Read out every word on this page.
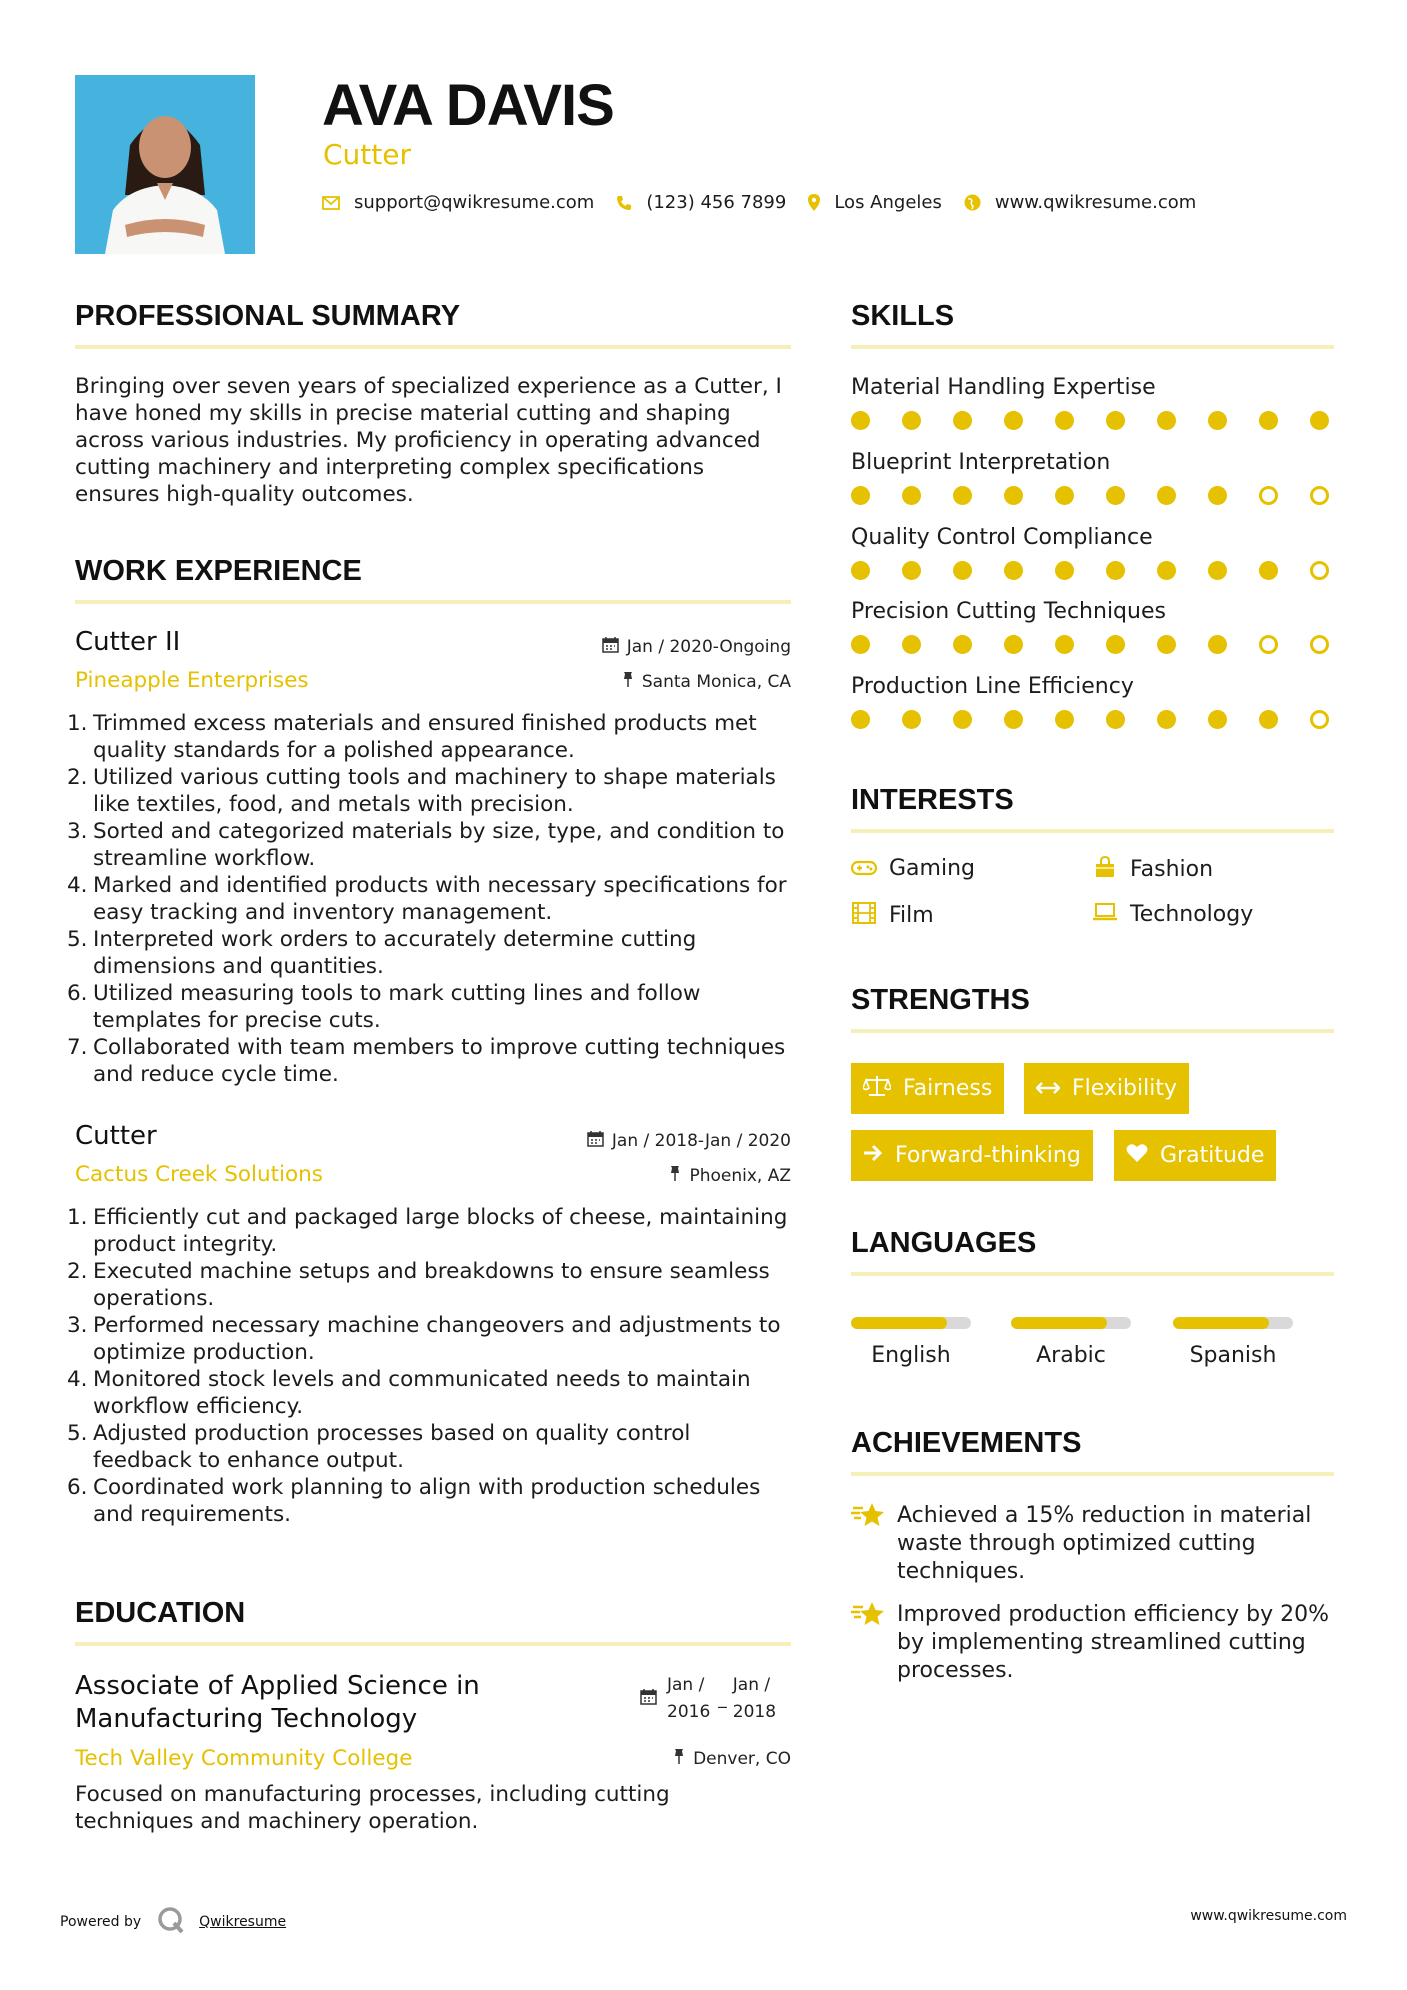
AVA DAVIS
Cutter
support@qwikresume.com	(123) 456 7899	Los Angeles	www.qwikresume.com
PROFESSIONAL SUMMARY
Bringing over seven years of specialized experience as a Cutter, I have honed my skills in precise material cutting and shaping across various industries. My proficiency in operating advanced cutting machinery and interpreting complex specifications ensures high-quality outcomes.
WORK EXPERIENCE
Cutter II
Pineapple Enterprises
Jan / 2020-Ongoing
Santa Monica, CA
1. Trimmed excess materials and ensured finished products met quality standards for a polished appearance.
2. Utilized various cutting tools and machinery to shape materials like textiles, food, and metals with precision.
3. Sorted and categorized materials by size, type, and condition to streamline workflow.
4. Marked and identified products with necessary specifications for easy tracking and inventory management.
5. Interpreted work orders to accurately determine cutting dimensions and quantities.
6. Utilized measuring tools to mark cutting lines and follow templates for precise cuts.
7. Collaborated with team members to improve cutting techniques and reduce cycle time.
Cutter
Cactus Creek Solutions
Jan / 2018-Jan / 2020
Phoenix, AZ
1. Efficiently cut and packaged large blocks of cheese, maintaining product integrity.
2. Executed machine setups and breakdowns to ensure seamless operations.
3. Performed necessary machine changeovers and adjustments to optimize production.
4. Monitored stock levels and communicated needs to maintain workflow efficiency.
5. Adjusted production processes based on quality control feedback to enhance output.
6. Coordinated work planning to align with production schedules and requirements.
EDUCATION
Associate of Applied Science in
Manufacturing Technology
Tech Valley Community College
Jan /
2016
_
Jan /
2018
Denver, CO
Focused on manufacturing processes, including cutting techniques and machinery operation.
SKILLS
Material Handling Expertise
Blueprint Interpretation
Quality Control Compliance
Precision Cutting Techniques
Production Line Efficiency
INTERESTS
Gaming	Fashion
Film	Technology
STRENGTHS
Fairness	Flexibility
Forward-thinking	Gratitude
LANGUAGES
English	Arabic	Spanish
ACHIEVEMENTS
Achieved a 15% reduction in material waste through optimized cutting techniques.
Improved production efficiency by 20% by implementing streamlined cutting processes.
Powered by	Qwikresume	www.qwikresume.com
